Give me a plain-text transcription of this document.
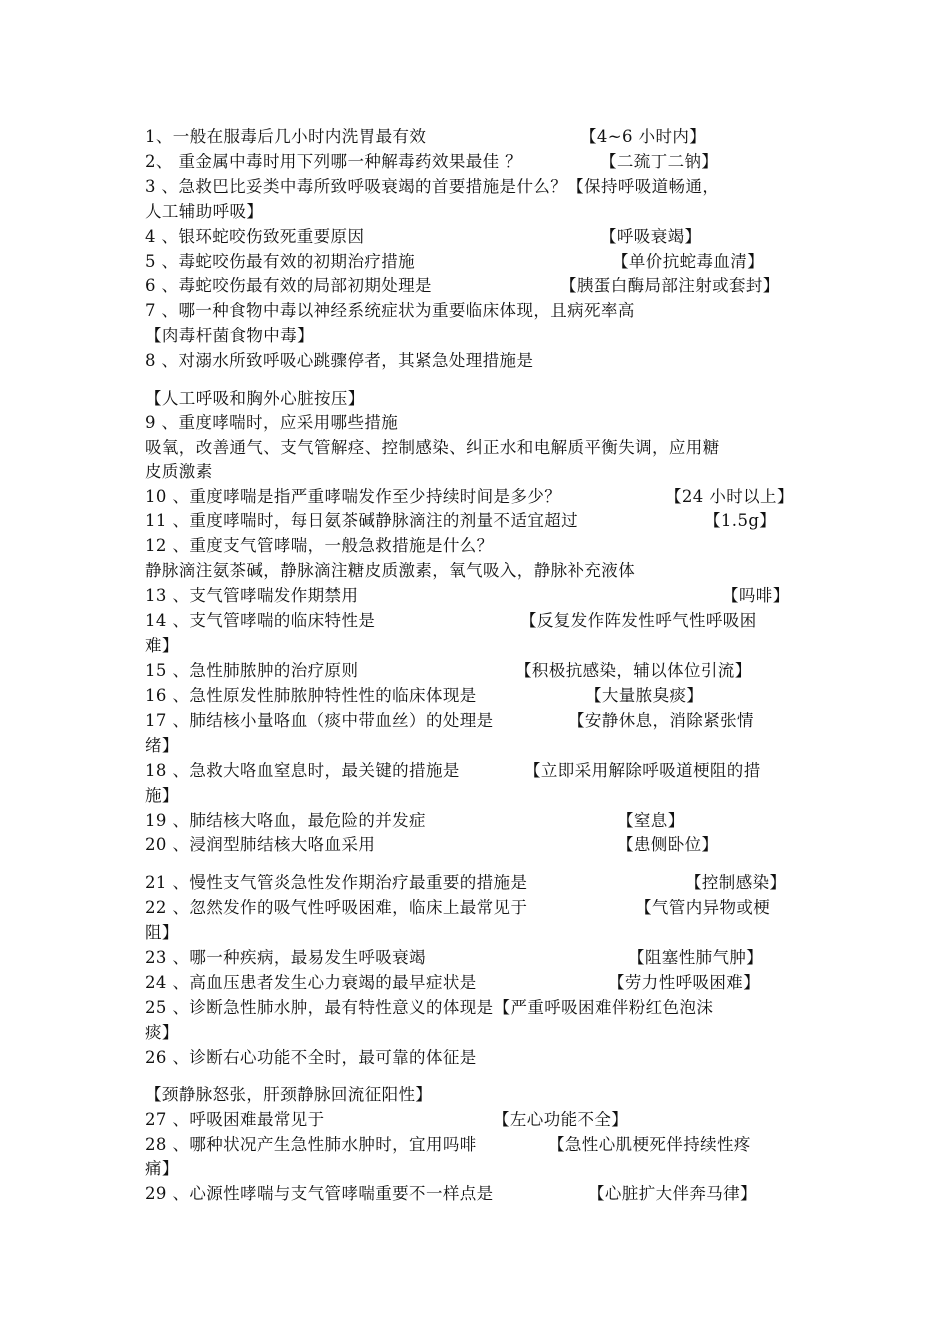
1、一般在服毒后几小时内洗胃最有效	【4~6 小时内】
2、 重金属中毒时用下列哪一种解毒药效果最佳 ？	【二巯丁二钠】
3 、急救巴比妥类中毒所致呼吸衰竭的首要措施是什么？【保持呼吸道畅通，
人工辅助呼吸】
4 、银环蛇咬伤致死重要原因	【呼吸衰竭】
5 、毒蛇咬伤最有效的初期治疗措施	【单价抗蛇毒血清】
6 、毒蛇咬伤最有效的局部初期处理是	【胰蛋白酶局部注射或套封】
7 、哪一种食物中毒以神经系统症状为重要临床体现，且病死率高
【肉毒杆菌食物中毒】
8 、对溺水所致呼吸心跳骤停者，其紧急处理措施是
【人工呼吸和胸外心脏按压】
9 、重度哮喘时，应采用哪些措施
吸氧，改善通气、支气管解痉、控制感染、纠正水和电解质平衡失调，应用糖
皮质激素
10 、重度哮喘是指严重哮喘发作至少持续时间是多少？	【24 小时以上】
11 、重度哮喘时，每日氨茶碱静脉滴注的剂量不适宜超过	【1.5g】
12 、重度支气管哮喘，一般急救措施是什么？
静脉滴注氨茶碱，静脉滴注糖皮质激素，氧气吸入，静脉补充液体
13 、支气管哮喘发作期禁用	【吗啡】
14 、支气管哮喘的临床特性是	【反复发作阵发性呼气性呼吸困
难】
15 、急性肺脓肿的治疗原则	【积极抗感染，辅以体位引流】
16 、急性原发性肺脓肿特性性的临床体现是	【大量脓臭痰】
17 、肺结核小量咯血（痰中带血丝）的处理是	【安静休息，消除紧张情
绪】
18 、急救大咯血窒息时，最关键的措施是	【立即采用解除呼吸道梗阻的措
施】
19 、肺结核大咯血，最危险的并发症	【窒息】
20 、浸润型肺结核大咯血采用	【患侧卧位】
21 、慢性支气管炎急性发作期治疗最重要的措施是	【控制感染】
22 、忽然发作的吸气性呼吸困难，临床上最常见于	【气管内异物或梗
阻】
23 、哪一种疾病，最易发生呼吸衰竭	【阻塞性肺气肿】
24 、高血压患者发生心力衰竭的最早症状是	【劳力性呼吸困难】
25 、诊断急性肺水肿，最有特性意义的体现是【严重呼吸困难伴粉红色泡沫
痰】
26 、诊断右心功能不全时，最可靠的体征是
【颈静脉怒张，肝颈静脉回流征阳性】
27 、呼吸困难最常见于	【左心功能不全】
28 、哪种状况产生急性肺水肿时，宜用吗啡	【急性心肌梗死伴持续性疼
痛】
29 、心源性哮喘与支气管哮喘重要不一样点是	【心脏扩大伴奔马律】
